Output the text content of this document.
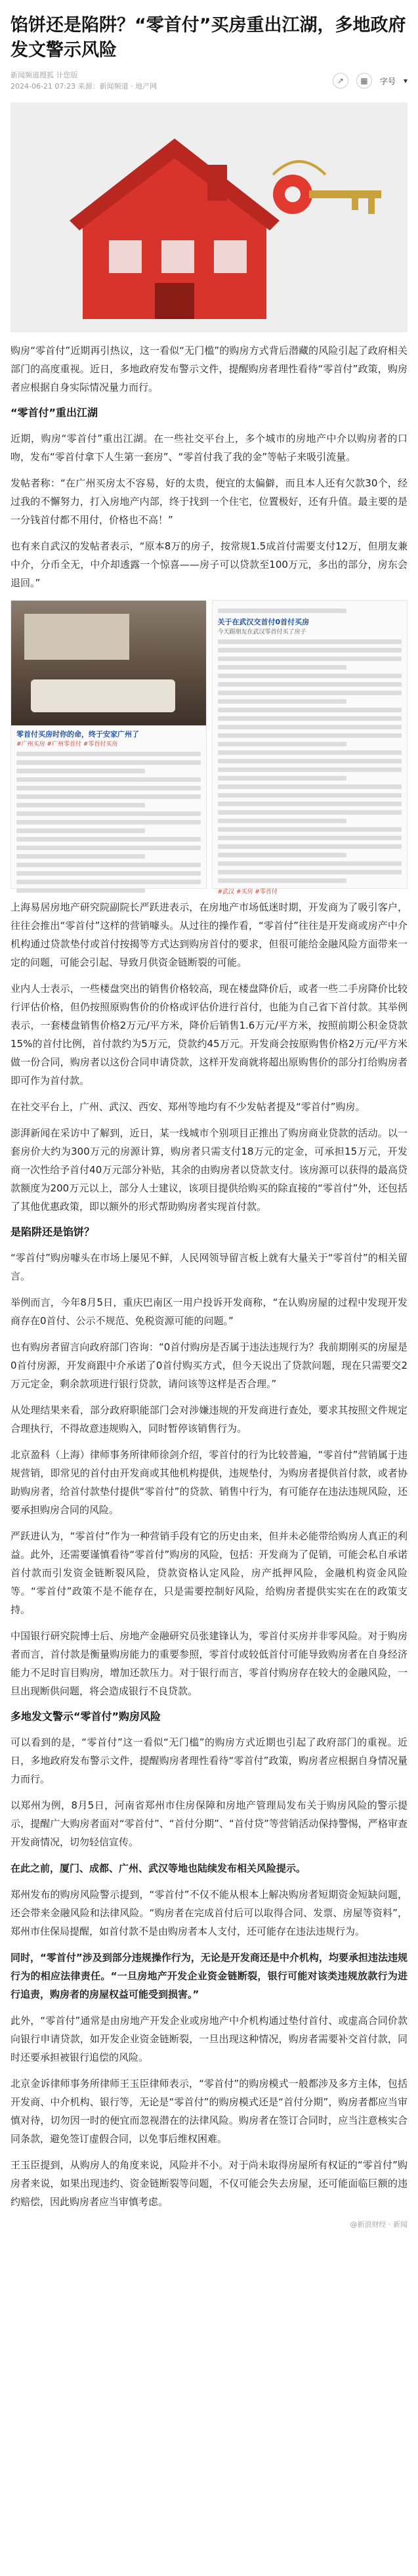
馅饼还是陷阱？“零首付”买房重出江湖，多地政府发文警示风险
新闻频道搜狐 计您版
2024-06-21 07:23 来源：新闻频道 · 地产网
↗	▦	字号 ▾

购房“零首付”近期再引热议，这一看似“无门槛”的购房方式背后潜藏的风险引起了政府相关部门的高度重视。近日，多地政府发布警示文件，提醒购房者理性看待“零首付”政策，购房者应根据自身实际情况量力而行。

“零首付”重出江湖

近期，购房“零首付”重出江湖。在一些社交平台上，多个城市的房地产中介以购房者的口吻，发布“零首付拿下人生第一套房”、“零首付我了我的金”等帖子来吸引流量。

发帖者称：“在广州买房太不容易，好的太贵，便宜的太偏僻，而且本人还有欠款30个，经过我的不懈努力，打入房地产内部，终于找到一个住宅，位置极好，还有升值。最主要的是一分钱首付都不用付，价格也不高！”

也有来自武汉的发帖者表示，“原本8万的房子，按常规1.5成首付需要支付12万，但朋友兼中介，分币全无，中介却透露一个惊喜——房子可以贷款至100万元，多出的部分，房东会退回。”

零首付买房时你的命，终于安家广州了
#广州买房 #广州零首付 #零首付买房
关于在武汉交首付0首付买房
今天跟朋友在武汉零首付买了房子
#武汉 #买房 #零首付

上海易居房地产研究院副院长严跃进表示，在房地产市场低迷时期，开发商为了吸引客户，往往会推出“零首付”这样的营销噱头。从过往的操作看，“零首付”往往是开发商或房产中介机构通过贷款垫付或首付按揭等方式达到购房首付的要求，但很可能给金融风险方面带来一定的问题，可能会引起、导致月供资金链断裂的可能。

业内人士表示，一些楼盘突出的销售价格较高，现在楼盘降价后，或者一些二手房降价比较行评估价格，但仍按照原购售价的价格或评估价进行首付，也能为自己省下首付款。其举例表示，一套楼盘销售价格2万元/平方米，降价后销售1.6万元/平方米，按照前期公积金贷款15%的首付比例，首付款约为5万元，贷款约45万元。开发商会按原购售价格2万元/平方米做一份合同，购房者以这份合同申请贷款，这样开发商就将超出原购售价的部分打给购房者即可作为首付款。

在社交平台上，广州、武汉、西安、郑州等地均有不少发帖者提及“零首付”购房。

澎湃新闻在采访中了解到，近日，某一线城市个别项目正推出了购房商业贷款的活动。以一套房价大约为300万元的房源计算，购房者只需支付18万元的定金，可承担15万元，开发商一次性给予首付40万元部分补贴，其余的由购房者以贷款支付。该房源可以获得的最高贷款额度为200万元以上，部分人士建议，该项目提供给购买的除直接的“零首付”外，还包括了其他优惠政策，即以额外的形式帮助购房者实现首付款。

是陷阱还是馅饼？

“零首付”购房噱头在市场上屡见不鲜，人民网领导留言板上就有大量关于“零首付”的相关留言。

举例而言，今年8月5日，重庆巴南区一用户投诉开发商称，“在认购房屋的过程中发现开发商存在0首付、公示不规范、免税资源可能的问题。”

也有购房者留言向政府部门咨询：“0首付购房是否属于违法违规行为？我前期刚买的房屋是0首付房源，开发商跟中介承诺了0首付购买方式，但今天说出了贷款问题，现在只需要交2万元定金，剩余款项进行银行贷款，请问该等这样是否合理。”

从处理结果来看，部分政府职能部门会对涉嫌违规的开发商进行查处，要求其按照文件规定合理执行，不得故意违规购入，同时暂停该销售行为。

北京盈科（上海）律师事务所律师徐剑介绍，零首付的行为比较普遍，“零首付”营销属于违规营销，即常见的首付由开发商或其他机构提供，违规垫付，为购房者提供首付款，或者协助购房者，给首付款垫付提供“零首付”的贷款、销售中行为，有可能存在违法违规风险，还要承担购房合同的风险。

严跃进认为，“零首付”作为一种营销手段有它的历史由来，但并未必能带给购房人真正的利益。此外，还需要谨慎看待“零首付”购房的风险，包括：开发商为了促销，可能会私自承诺首付款而引发资金链断裂风险，贷款资格认定风险，房产抵押风险，金融机构资金风险等。“零首付”政策不是不能存在，只是需要控制好风险，给购房者提供实实在在的政策支持。

中国银行研究院博士后、房地产金融研究员张建锋认为，零首付买房并非零风险。对于购房者而言，首付款是衡量购房能力的重要参照，零首付或较低首付可能导致购房者在自身经济能力不足时盲目购房，增加还款压力。对于银行而言，零首付购房存在较大的金融风险，一旦出现断供问题，将会造成银行不良贷款。

多地发文警示“零首付”购房风险

可以看到的是，“零首付”这一看似“无门槛”的购房方式近期也引起了政府部门的重视。近日，多地政府发布警示文件，提醒购房者理性看待“零首付”政策，购房者应根据自身情况量力而行。

以郑州为例，8月5日，河南省郑州市住房保障和房地产管理局发布关于购房风险的警示提示，提醒广大购房者面对“零首付”、“首付分期”、“首付贷”等营销活动保持警惕，严格审查开发商情况，切勿轻信宣传。

在此之前，厦门、成都、广州、武汉等地也陆续发布相关风险提示。

郑州发布的购房风险警示提到，“零首付”不仅不能从根本上解决购房者短期资金短缺问题，还会带来金融风险和法律风险。“购房者在完成首付后可以取得合同、发票、房屋等资料”，郑州市住保局提醒，如首付款不是由购房者本人支付，还可能存在违法违规行为。

同时，“零首付”涉及到部分违规操作行为，无论是开发商还是中介机构，均要承担违法违规行为的相应法律责任。“一旦房地产开发企业资金链断裂，银行可能对该类违规放款行为进行追责，购房者的房屋权益可能受到损害。”

此外，“零首付”通常是由房地产开发企业或房地产中介机构通过垫付首付、或虚高合同价款向银行申请贷款，如开发企业资金链断裂，一旦出现这种情况，购房者需要补交首付款，同时还要承担被银行追偿的风险。

北京金诉律师事务所律师王玉臣律师表示，“零首付”的购房模式一般都涉及多方主体，包括开发商、中介机构、银行等，无论是“零首付”的购房模式还是“首付分期”，购房者都应当审慎对待，切勿因一时的便宜而忽视潜在的法律风险。购房者在签订合同时，应当注意核实合同条款，避免签订虚假合同，以免事后维权困难。

王玉臣提到，从购房人的角度来说，风险并不小。对于尚未取得房屋所有权证的“零首付”购房者来说，如果出现违约、资金链断裂等问题，不仅可能会失去房屋，还可能面临巨额的违约赔偿，因此购房者应当审慎考虑。

@新浪财经 · 新闻
